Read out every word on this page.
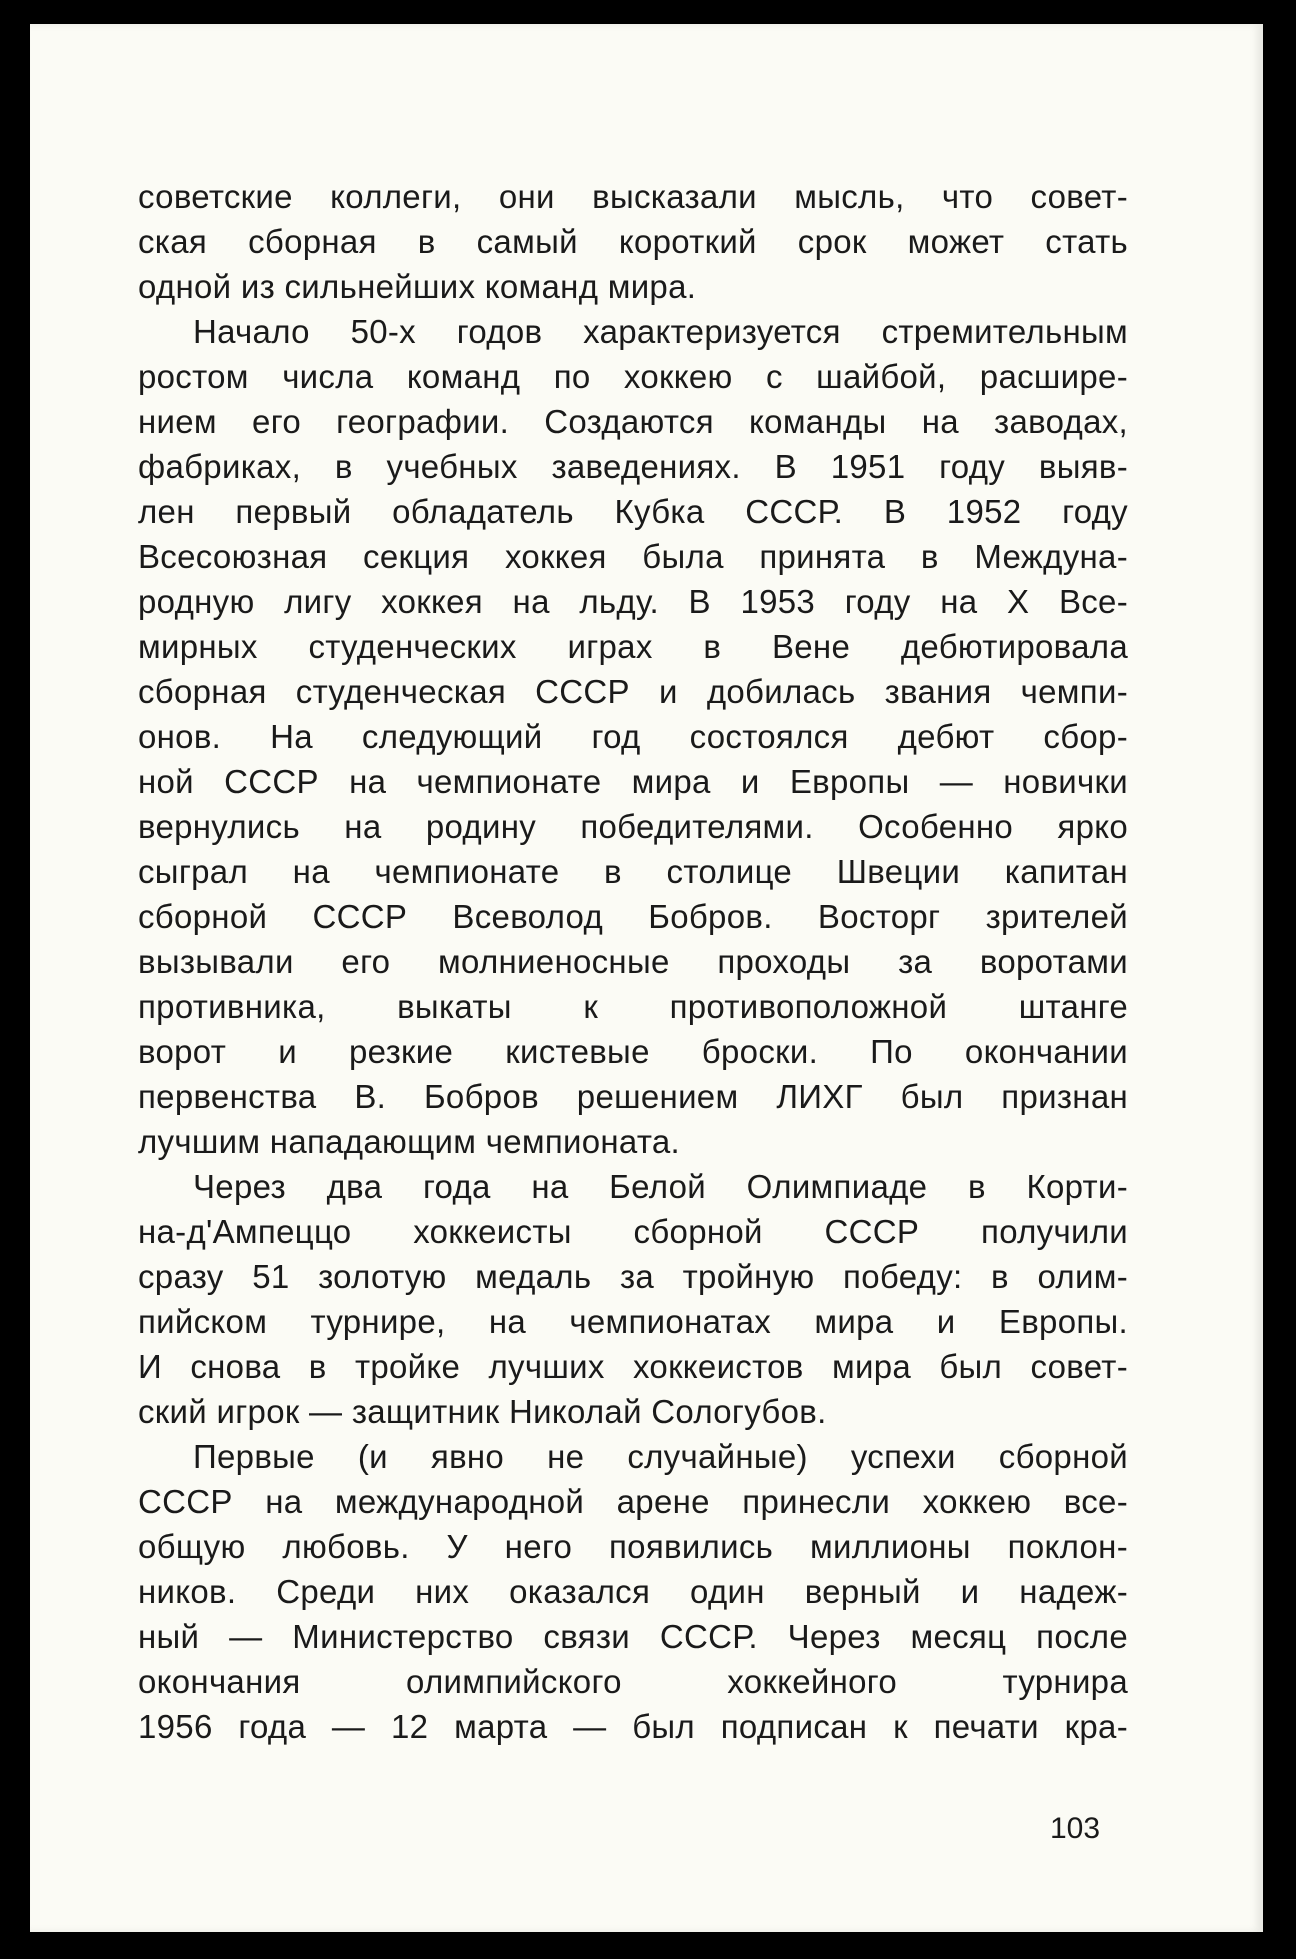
советские коллеги, они высказали мысль, что совет-
ская сборная в самый короткий срок может стать
одной из сильнейших команд мира.
Начало 50-х годов характеризуется стремительным
ростом числа команд по хоккею с шайбой, расшире-
нием его географии. Создаются команды на заводах,
фабриках, в учебных заведениях. В 1951 году выяв-
лен первый обладатель Кубка СССР. В 1952 году
Всесоюзная секция хоккея была принята в Междуна-
родную лигу хоккея на льду. В 1953 году на X Все-
мирных студенческих играх в Вене дебютировала
сборная студенческая СССР и добилась звания чемпи-
онов. На следующий год состоялся дебют сбор-
ной СССР на чемпионате мира и Европы — новички
вернулись на родину победителями. Особенно ярко
сыграл на чемпионате в столице Швеции капитан
сборной СССР Всеволод Бобров. Восторг зрителей
вызывали его молниеносные проходы за воротами
противника, выкаты к противоположной штанге
ворот и резкие кистевые броски. По окончании
первенства В. Бобров решением ЛИХГ был признан
лучшим нападающим чемпионата.
Через два года на Белой Олимпиаде в Корти-
на-д'Ампеццо хоккеисты сборной СССР получили
сразу 51 золотую медаль за тройную победу: в олим-
пийском турнире, на чемпионатах мира и Европы.
И снова в тройке лучших хоккеистов мира был совет-
ский игрок — защитник Николай Сологубов.
Первые (и явно не случайные) успехи сборной
СССР на международной арене принесли хоккею все-
общую любовь. У него появились миллионы поклон-
ников. Среди них оказался один верный и надеж-
ный — Министерство связи СССР. Через месяц после
окончания олимпийского хоккейного турнира
1956 года — 12 марта — был подписан к печати кра-
103
